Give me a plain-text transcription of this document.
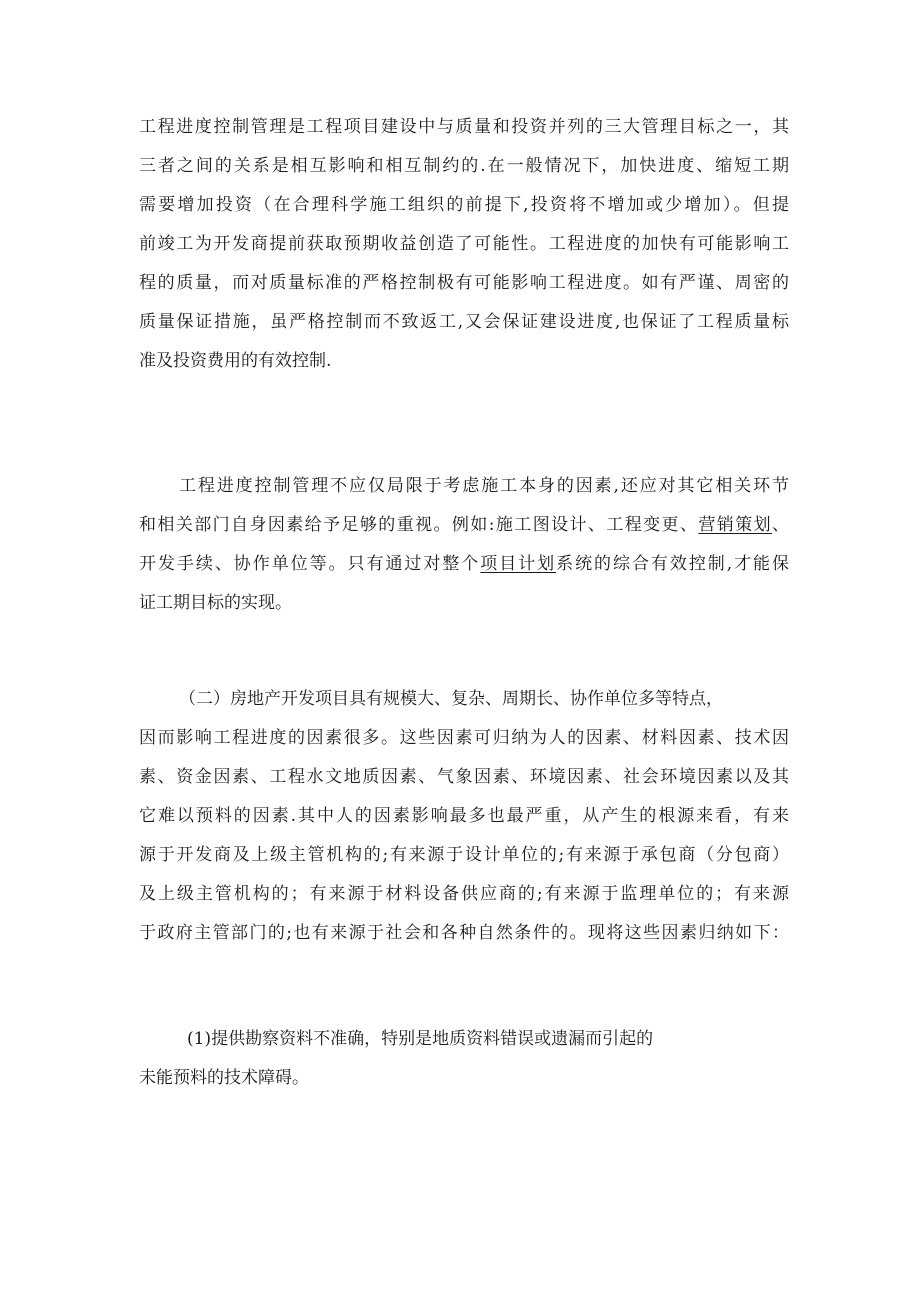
工程进度控制管理是工程项目建设中与质量和投资并列的三大管理目标之一，其
三者之间的关系是相互影响和相互制约的.在一般情况下，加快进度、缩短工期
需要增加投资（在合理科学施工组织的前提下,投资将不增加或少增加）。但提
前竣工为开发商提前获取预期收益创造了可能性。工程进度的加快有可能影响工
程的质量，而对质量标准的严格控制极有可能影响工程进度。如有严谨、周密的
质量保证措施，虽严格控制而不致返工,又会保证建设进度,也保证了工程质量标
准及投资费用的有效控制.
工程进度控制管理不应仅局限于考虑施工本身的因素,还应对其它相关环节
和相关部门自身因素给予足够的重视。例如:施工图设计、工程变更、营销策划、
开发手续、协作单位等。只有通过对整个项目计划系统的综合有效控制,才能保
证工期目标的实现。
（二）房地产开发项目具有规模大、复杂、周期长、协作单位多等特点，
因而影响工程进度的因素很多。这些因素可归纳为人的因素、材料因素、技术因
素、资金因素、工程水文地质因素、气象因素、环境因素、社会环境因素以及其
它难以预料的因素.其中人的因素影响最多也最严重，从产生的根源来看，有来
源于开发商及上级主管机构的;有来源于设计单位的;有来源于承包商（分包商）
及上级主管机构的；有来源于材料设备供应商的;有来源于监理单位的；有来源
于政府主管部门的;也有来源于社会和各种自然条件的。现将这些因素归纳如下：
(1)提供勘察资料不准确，特别是地质资料错误或遗漏而引起的
未能预料的技术障碍。
